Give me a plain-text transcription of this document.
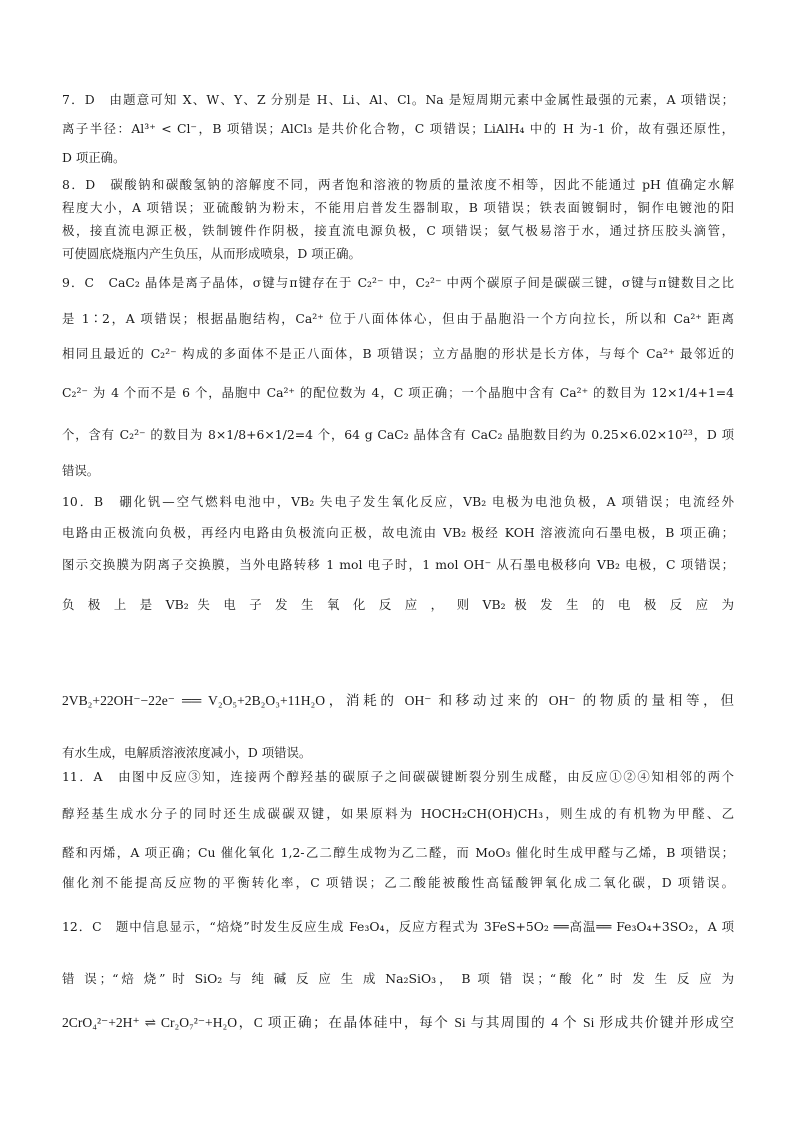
7．D　由题意可知 X、W、Y、Z 分别是 H、Li、Al、Cl。Na 是短周期元素中金属性最强的元素，A 项错误；
离子半径：Al³⁺ < Cl⁻，B 项错误；AlCl₃ 是共价化合物，C 项错误；LiAlH₄ 中的 H 为-1 价，故有强还原性，
D 项正确。
8．D　碳酸钠和碳酸氢钠的溶解度不同，两者饱和溶液的物质的量浓度不相等，因此不能通过 pH 值确定水解
程度大小，A 项错误；亚硫酸钠为粉末，不能用启普发生器制取，B 项错误；铁表面镀铜时，铜作电镀池的阳
极，接直流电源正极，铁制镀件作阴极，接直流电源负极，C 项错误；氨气极易溶于水，通过挤压胶头滴管，
可使圆底烧瓶内产生负压，从而形成喷泉，D 项正确。
9．C　CaC₂ 晶体是离子晶体，σ键与π键存在于 C₂²⁻ 中，C₂²⁻ 中两个碳原子间是碳碳三键，σ键与π键数目之比
是 1∶2，A 项错误；根据晶胞结构，Ca²⁺ 位于八面体体心，但由于晶胞沿一个方向拉长，所以和 Ca²⁺ 距离
相同且最近的 C₂²⁻ 构成的多面体不是正八面体，B 项错误；立方晶胞的形状是长方体，与每个 Ca²⁺ 最邻近的
C₂²⁻ 为 4 个而不是 6 个，晶胞中 Ca²⁺ 的配位数为 4，C 项正确；一个晶胞中含有 Ca²⁺ 的数目为 12×1/4+1=4
个，含有 C₂²⁻ 的数目为 8×1/8+6×1/2=4 个，64 g CaC₂ 晶体含有 CaC₂ 晶胞数目约为 0.25×6.02×10²³，D 项
错误。
10．B　硼化钒—空气燃料电池中，VB₂ 失电子发生氧化反应，VB₂ 电极为电池负极，A 项错误；电流经外
电路由正极流向负极，再经内电路由负极流向正极，故电流由 VB₂ 极经 KOH 溶液流向石墨电极，B 项正确；
图示交换膜为阴离子交换膜，当外电路转移 1 mol 电子时，1 mol OH⁻ 从石墨电极移向 VB₂ 电极，C 项错误；
负 极 上 是 VB₂ 失 电 子 发 生 氧 化 反 应 ， 则 VB₂ 极 发 生 的 电 极 反 应 为
2VB₂+22OH⁻−22e⁻ ══ V₂O₅+2B₂O₃+11H₂O，消耗的 OH⁻ 和移动过来的 OH⁻ 的物质的量相等，但
有水生成，电解质溶液浓度减小，D 项错误。
11．A　由图中反应③知，连接两个醇羟基的碳原子之间碳碳键断裂分别生成醛，由反应①②④知相邻的两个
醇羟基生成水分子的同时还生成碳碳双键，如果原料为 HOCH₂CH(OH)CH₃，则生成的有机物为甲醛、乙
醛和丙烯，A 项正确；Cu 催化氧化 1,2-乙二醇生成物为乙二醛，而 MoO₃ 催化时生成甲醛与乙烯，B 项错误；
催化剂不能提高反应物的平衡转化率，C 项错误；乙二酸能被酸性高锰酸钾氧化成二氧化碳，D 项错误。
12．C　题中信息显示，“焙烧”时发生反应生成 Fe₃O₄，反应方程式为 3FeS+5O₂ ══高温══ Fe₃O₄+3SO₂，A 项
错 误；“焙 烧” 时 SiO₂ 与 纯 碱 反 应 生 成 Na₂SiO₃， B 项 错 误；“酸 化” 时 发 生 反 应 为
2CrO₄²⁻+2H⁺ ⇌ Cr₂O₇²⁻+H₂O，C 项正确；在晶体硅中，每个 Si 与其周围的 4 个 Si 形成共价键并形成空
